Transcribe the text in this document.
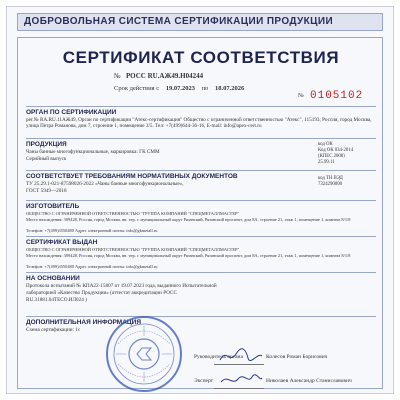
ДОБРОВОЛЬНАЯ СИСТЕМА СЕРТИФИКАЦИИ ПРОДУКЦИИ
СЕРТИФИКАТ СООТВЕТСТВИЯ
№ РОСС RU.АЖ49.Н04244
Срок действия с 19.07.2023 по 18.07.2026
№ 0105102
ОРГАН ПО СЕРТИФИКАЦИИ
рег.№ RA.RU.11АЖ49, Орган по сертификации "Атекс-сертификация" Общество с ограниченной ответственностью "Атекс", 115193, Россия, город Москва, улица Петра Романова, дом 7, строение 1, помещение 3/5. Тел: +7(499)644-36-16, E-mail: info@apex-cert.ru
ПРОДУКЦИЯ
Чаны банные многофункциональные, маркировка: ГК СММ
Серийный выпуск
код ОК
Код ОК 034-2014
(КПЕС 2008)
25.99.11
СООТВЕТСТВУЕТ ТРЕБОВАНИЯМ НОРМАТИВНЫХ ДОКУМЕНТОВ
ТУ 25.29.1-021-87598026-2022 «Чаны банные многофункциональные»,
ГОСТ 5949—2018
код ТН ВЭД
7324290000
ИЗГОТОВИТЕЛЬ
ОБЩЕСТВО С ОГРАНИЧЕННОЙ ОТВЕТСТВЕННОСТЬЮ "ГРУППА КОМПАНИЙ "СПЕЦМЕТАЛЛМАСТЕР"
Место нахождения: 309428, Россия, город Москва, вн. тер. г. муниципальный округ Рязанский, Рязанский проспект, дом 8А, строение 21, этаж 1, помещение 1, комната 8/1/8
Телефон: +7(499)3550480 Адрес электронной почты: info@gkmetall.ru
СЕРТИФИКАТ ВЫДАН
ОБЩЕСТВО С ОГРАНИЧЕННОЙ ОТВЕТСТВЕННОСТЬЮ "ГРУППА КОМПАНИЙ "СПЕЦМЕТАЛЛМАСТЕР"
Место нахождения: 309428, Россия, город Москва, вн. тер. г. муниципальный округ Рязанский, Рязанский проспект, дом 8А, строение 21, этаж 1, помещение 1, комната 8/1/8
Телефон: +7(499)3550480 Адрес электронной почты: info@gkmetall.ru
НА ОСНОВАНИИ
Протокола испытаний № КПА22-15807 от 19.07.2023 года, выданного Испытательной
лабораторией «Качество Продукции» (аттестат аккредитации РОСС
RU.31881.04ТЕСО.ИЛ024 )
ДОПОЛНИТЕЛЬНАЯ ИНФОРМАЦИЯ
Схема сертификации: 1с
Руководитель органа	Колесов Роман Борисович
Эксперт	Николаев Александр Станиславович
